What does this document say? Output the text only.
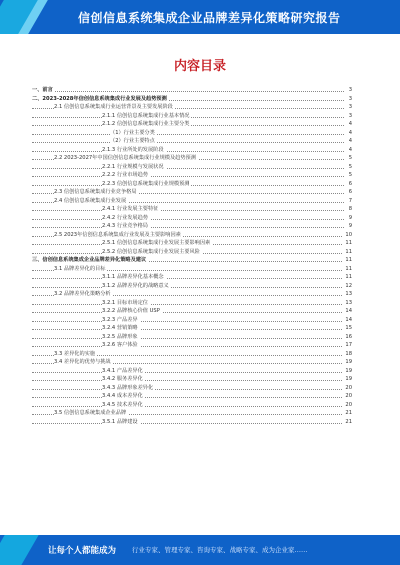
信创信息系统集成企业品牌差异化策略研究报告
内容目录
一、前言	3
二、2023-2028年信创信息系统集成行业发展及趋势预测	3
2.1 信创信息系统集成行业运营背景及主要发展阶段	3
2.1.1 信创信息系统集成行业基本情况	3
2.1.2 信创信息系统集成行业主要分类	4
（1）行业主要分类	4
（2）行业主要特点	4
2.1.3 行业所处的发展阶段	4
2.2 2023-2027年中国信创信息系统集成行业规模及趋势预测	5
2.2.1 行业规模与发展状况	5
2.2.2 行业市场趋势	5
2.2.3 信创信息系统集成行业规模预测	6
2.3 信创信息系统集成行业竞争格局	6
2.4 信创信息系统集成行业发展	7
2.4.1 行业发展主要特征	8
2.4.2 行业发展趋势	9
2.4.3 行业竞争格局	9
2.5 2023年信创信息系统集成行业发展及主要影响因素	10
2.5.1 信创信息系统集成行业发展主要影响因素	11
2.5.2 信创信息系统集成行业发展主要风险	11
三、信创信息系统集成企业品牌差异化策略及建议	11
3.1 品牌差异化的目标	11
3.1.1 品牌差异化基本概念	11
3.1.2 品牌差异化的战略意义	12
3.2 品牌差异化策略分析	13
3.2.1 目标市场定位	13
3.2.2 品牌核心价值 USP	14
3.2.3 产品差异	14
3.2.4 营销策略	15
3.2.5 品牌形象	16
3.2.6 客户体验	17
3.3 差异化的实施	18
3.4 差异化的优势与挑战	19
3.4.1 产品差异化	19
3.4.2 服务差异化	19
3.4.3 品牌形象差异化	20
3.4.4 成本差异化	20
3.4.5 技术差异化	20
3.5 信创信息系统集成企业品牌	21
3.5.1 品牌建设	21
让每个人都能成为 行业专家、管理专家、咨询专家、战略专家、成为企业家……
